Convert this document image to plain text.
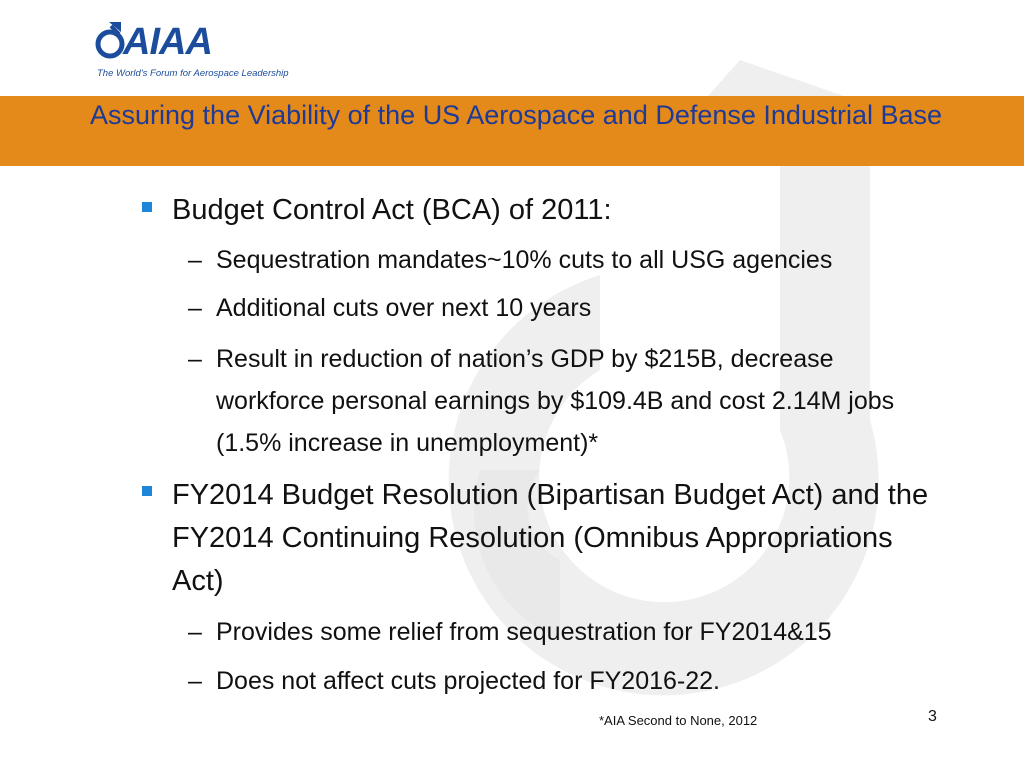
AIAA
The World's Forum for Aerospace Leadership
Assuring the Viability of the US Aerospace and Defense Industrial Base
Budget Control Act (BCA) of 2011:
– Sequestration mandates~10% cuts to all USG agencies
– Additional cuts over next 10 years
– Result in reduction of nation’s GDP by $215B, decrease workforce personal earnings by $109.4B and cost 2.14M jobs (1.5% increase in unemployment)*
FY2014 Budget Resolution (Bipartisan Budget Act) and the FY2014 Continuing Resolution (Omnibus Appropriations Act)
– Provides some relief from sequestration for FY2014&15
– Does not affect cuts projected for FY2016-22.
*AIA Second to None, 2012	3
